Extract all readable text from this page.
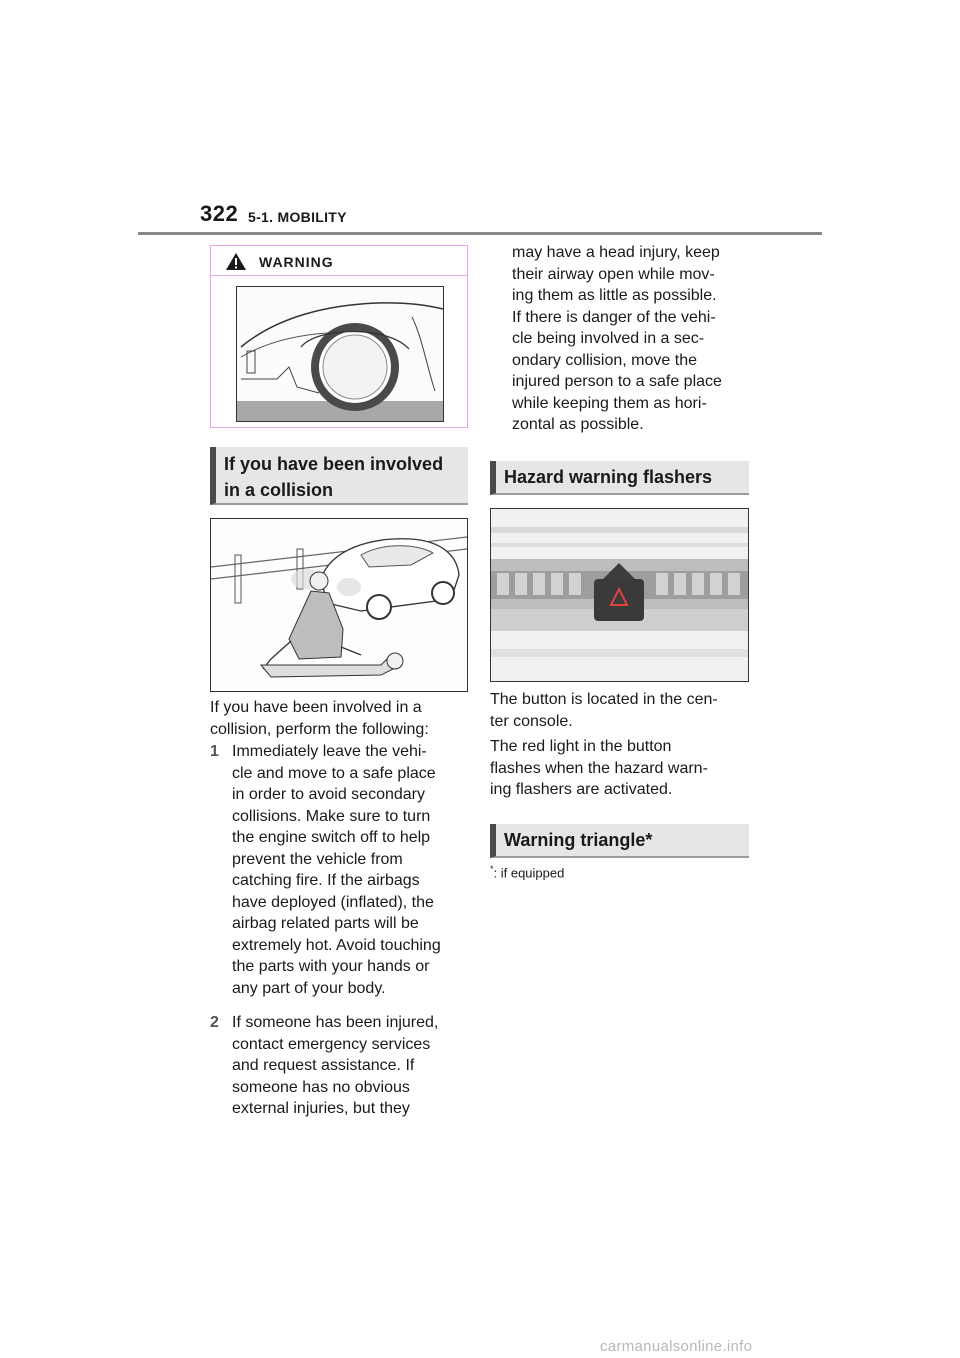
322 5-1. MOBILITY
WARNING
If you have been involved
in a collision
If you have been involved in a
collision, perform the following:
1 Immediately leave the vehi-
cle and move to a safe place
in order to avoid secondary
collisions. Make sure to turn
the engine switch off to help
prevent the vehicle from
catching fire. If the airbags
have deployed (inflated), the
airbag related parts will be
extremely hot. Avoid touching
the parts with your hands or
any part of your body.
2 If someone has been injured,
contact emergency services
and request assistance. If
someone has no obvious
external injuries, but they
may have a head injury, keep
their airway open while mov-
ing them as little as possible.
If there is danger of the vehi-
cle being involved in a sec-
ondary collision, move the
injured person to a safe place
while keeping them as hori-
zontal as possible.
Hazard warning flashers
The button is located in the cen-
ter console.
The red light in the button
flashes when the hazard warn-
ing flashers are activated.
Warning triangle*
*: if equipped
carmanualsonline.info
